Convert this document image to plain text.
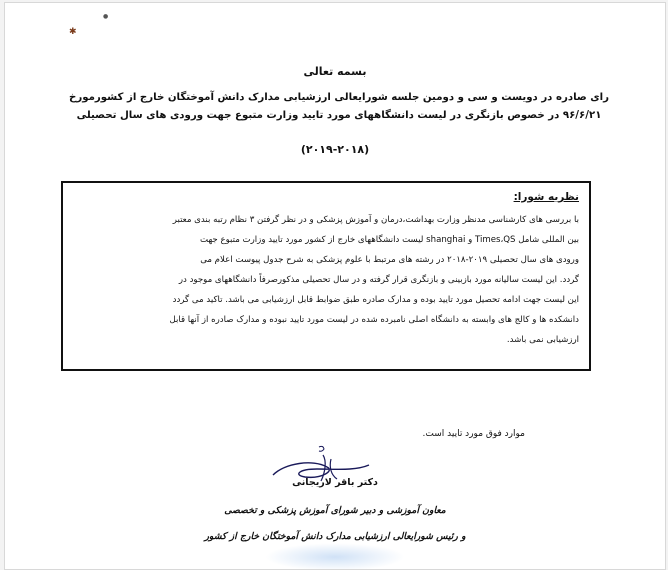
✱
●
بسمه تعالی
رای صادره در دویست و سی و دومین جلسه شورایعالی ارزشیابی مدارک دانش آموختگان خارج از کشورمورخ
۹۶/۶/۲۱ در خصوص بازنگری در لیست دانشگاههای مورد تایید وزارت متبوع جهت ورودی های سال تحصیلی
(۲۰۱۹-۲۰۱۸)
نظریه شورا:
با بررسی های کارشناسی مدنظر وزارت بهداشت،درمان و آموزش پزشکی و در نظر گرفتن ۳ نظام رتبه بندی معتبر
بین المللی شامل Times،QS و shanghai لیست دانشگاههای خارج از کشور مورد تایید وزارت متبوع جهت
ورودی های سال تحصیلی ۲۰۱۹-۲۰۱۸ در رشته های مرتبط با علوم پزشکی به شرح جدول پیوست اعلام می
گردد. این لیست سالیانه مورد بازبینی و بازنگری قرار گرفته و در سال تحصیلی مذکورصرفاً دانشگاههای موجود در
این لیست جهت ادامه تحصیل مورد تایید بوده و مدارک صادره طبق ضوابط قابل ارزشیابی می باشد. تاکید می گردد
دانشکده ها و کالج های وابسته به دانشگاه اصلی نامبرده شده در لیست مورد تایید نبوده و مدارک صادره از آنها قابل
ارزشیابی نمی باشد.
موارد فوق مورد تایید است.
دکتر باقر لاریجانی
معاون آموزشی و دبیر شورای آموزش پزشکی و تخصصی
و رئیس شورایعالی ارزشیابی مدارک دانش آموختگان خارج از کشور
